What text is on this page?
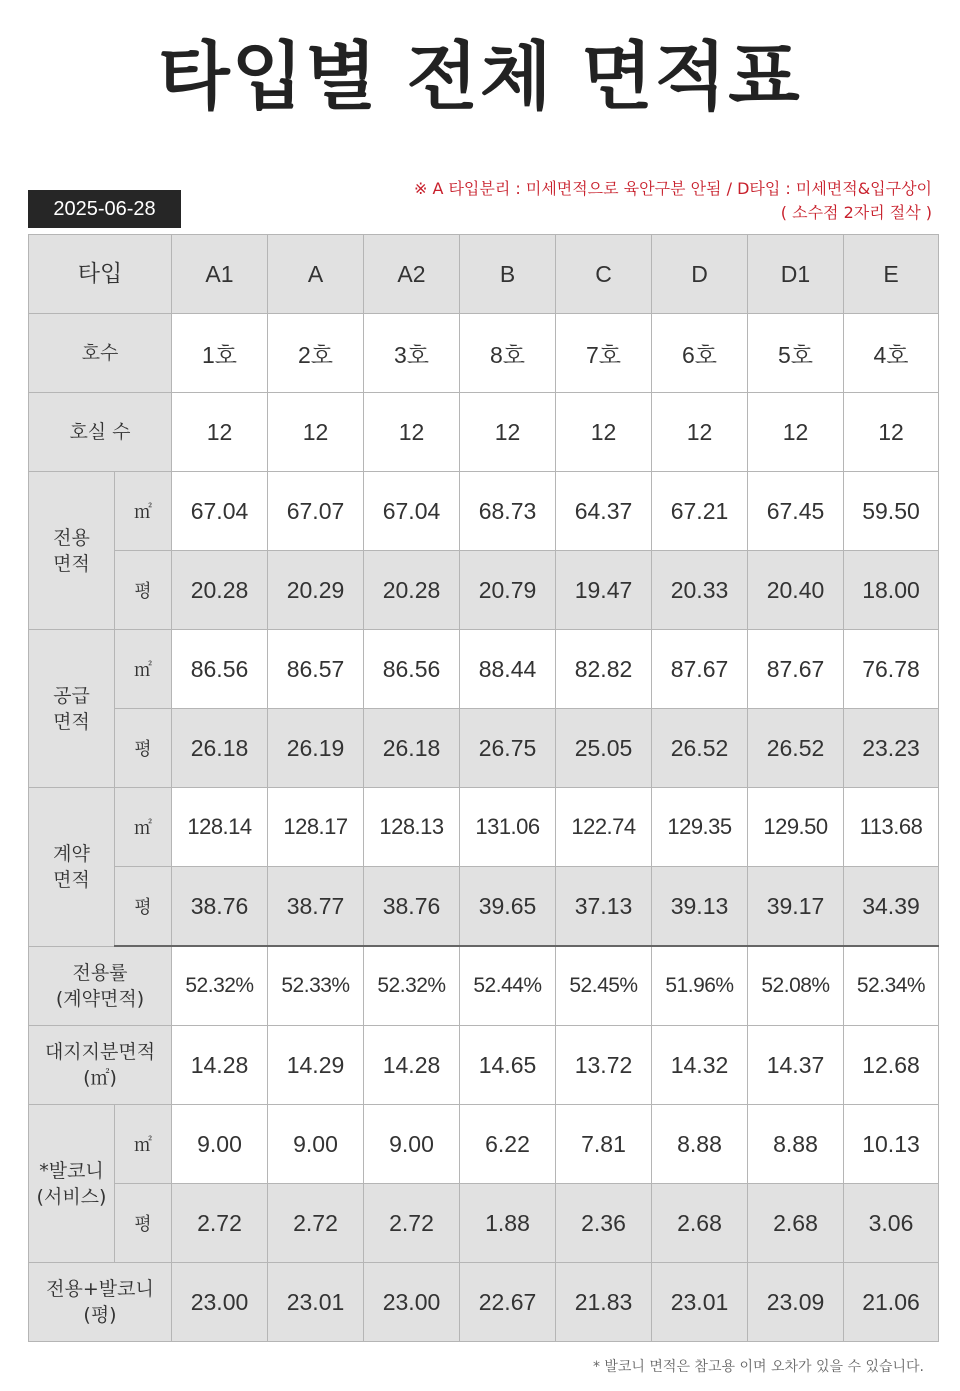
타입별 전체 면적표
2025-06-28
※ A 타입분리 : 미세면적으로 육안구분 안됨 / D타입 : 미세면적&입구상이
( 소수점 2자리 절삭 )
타입		A1	A	A2	B	C	D	D1	E
호수		1호	2호	3호	8호	7호	6호	5호	4호
호실 수		12	12	12	12	12	12	12	12
전용
면적	㎡	67.04	67.07	67.04	68.73	64.37	67.21	67.45	59.50
	평	20.28	20.29	20.28	20.79	19.47	20.33	20.40	18.00
공급
면적	㎡	86.56	86.57	86.56	88.44	82.82	87.67	87.67	76.78
	평	26.18	26.19	26.18	26.75	25.05	26.52	26.52	23.23
계약
면적	㎡	128.14	128.17	128.13	131.06	122.74	129.35	129.50	113.68
	평	38.76	38.77	38.76	39.65	37.13	39.13	39.17	34.39
전용률
(계약면적)		52.32%	52.33%	52.32%	52.44%	52.45%	51.96%	52.08%	52.34%
대지지분면적
(㎡)		14.28	14.29	14.28	14.65	13.72	14.32	14.37	12.68
*발코니
(서비스)	㎡	9.00	9.00	9.00	6.22	7.81	8.88	8.88	10.13
	평	2.72	2.72	2.72	1.88	2.36	2.68	2.68	3.06
전용+발코니
(평)		23.00	23.01	23.00	22.67	21.83	23.01	23.09	21.06
* 발코니 면적은 참고용 이며 오차가 있을 수 있습니다.
